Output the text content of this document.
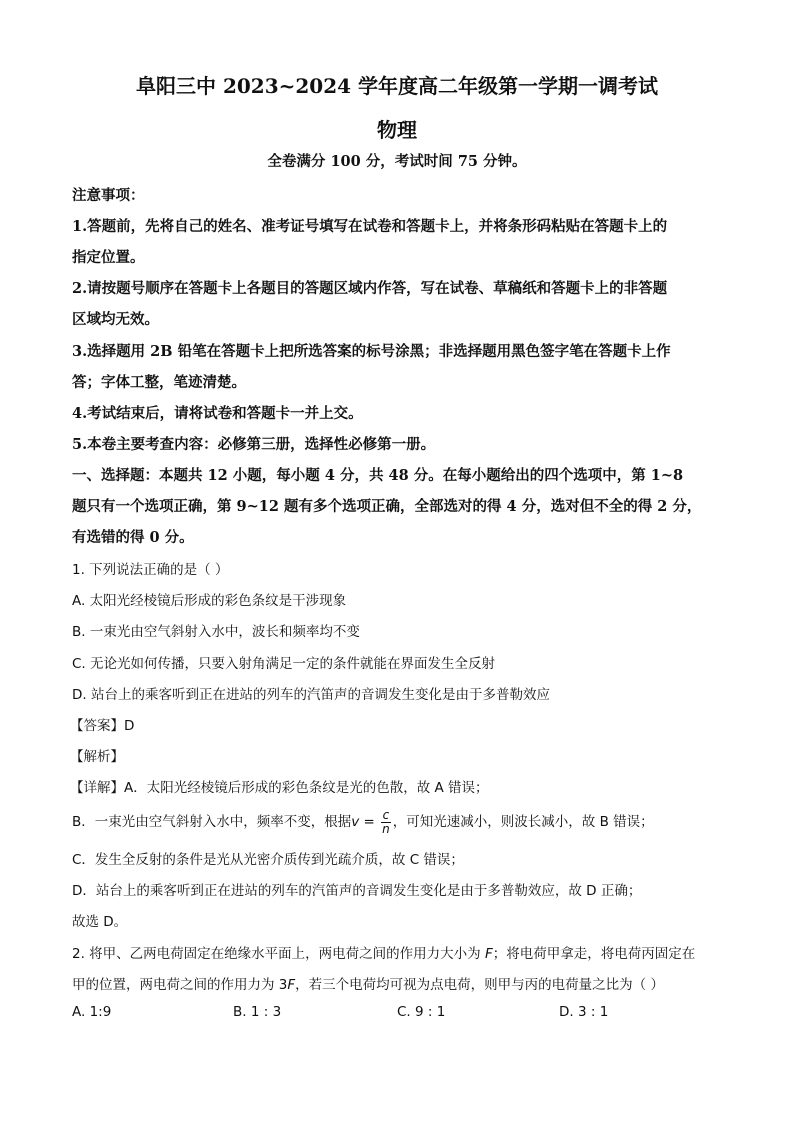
阜阳三中 2023~2024 学年度高二年级第一学期一调考试
物理
全卷满分 100 分，考试时间 75 分钟。
注意事项：
1.答题前，先将自己的姓名、准考证号填写在试卷和答题卡上，并将条形码粘贴在答题卡上的
指定位置。
2.请按题号顺序在答题卡上各题目的答题区域内作答，写在试卷、草稿纸和答题卡上的非答题
区域均无效。
3.选择题用 2B 铅笔在答题卡上把所选答案的标号涂黑；非选择题用黑色签字笔在答题卡上作
答；字体工整，笔迹清楚。
4.考试结束后，请将试卷和答题卡一并上交。
5.本卷主要考查内容：必修第三册，选择性必修第一册。
一、选择题：本题共 12 小题，每小题 4 分，共 48 分。在每小题给出的四个选项中，第 1~8
题只有一个选项正确，第 9~12 题有多个选项正确，全部选对的得 4 分，选对但不全的得 2 分，
有选错的得 0 分。
1. 下列说法正确的是（ ）
A. 太阳光经棱镜后形成的彩色条纹是干涉现象
B. 一束光由空气斜射入水中，波长和频率均不变
C. 无论光如何传播，只要入射角满足一定的条件就能在界面发生全反射
D. 站台上的乘客听到正在进站的列车的汽笛声的音调发生变化是由于多普勒效应
【答案】D
【解析】
【详解】A．太阳光经棱镜后形成的彩色条纹是光的色散，故 A 错误；
B．一束光由空气斜射入水中，频率不变，根据$v = \frac{c}{n}$ ，可知光速减小，则波长减小，故 B 错误；
C．发生全反射的条件是光从光密介质传到光疏介质，故 C 错误；
D．站台上的乘客听到正在进站的列车的汽笛声的音调发生变化是由于多普勒效应，故 D 正确；
故选 D。
2. 将甲、乙两电荷固定在绝缘水平面上，两电荷之间的作用力大小为 F；将电荷甲拿走，将电荷丙固定在
甲的位置，两电荷之间的作用力为 3F，若三个电荷均可视为点电荷，则甲与丙的电荷量之比为（ ）
A. 1:9	B. 1 : 3	C. 9 : 1	D. 3 : 1
